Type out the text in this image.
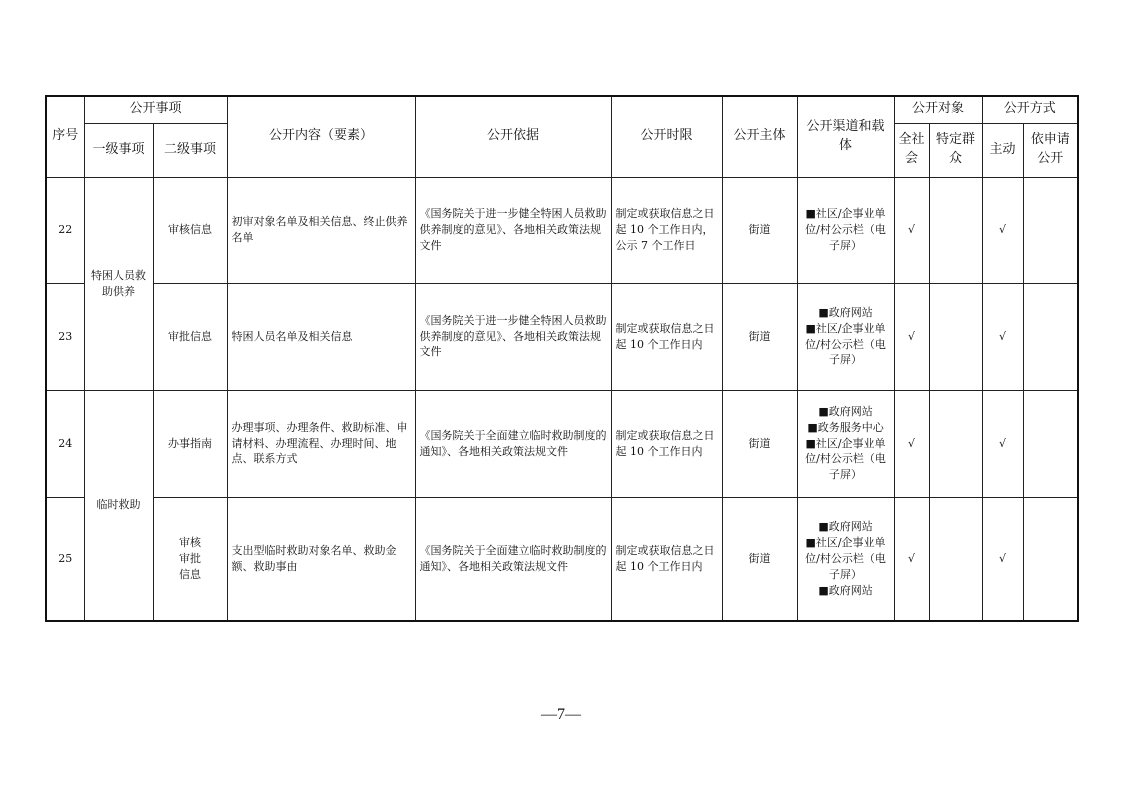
序号	公开事项		公开内容（要素）	公开依据	公开时限	公开主体	公开渠道和载体	公开对象		公开方式	
	一级事项	二级事项						全社会	特定群众	主动	依申请公开
22	特困人员救助供养	审核信息	初审对象名单及相关信息、终止供养名单	《国务院关于进一步健全特困人员救助供养制度的意见》、各地相关政策法规文件	制定或获取信息之日起 10 个工作日内，公示 7 个工作日	街道	■社区/企事业单位/村公示栏（电子屏）	√		√	
23		审批信息	特困人员名单及相关信息	《国务院关于进一步健全特困人员救助供养制度的意见》、各地相关政策法规文件	制定或获取信息之日起 10 个工作日内	街道	■政府网站
■社区/企事业单位/村公示栏（电子屏）	√		√	
24	临时救助	办事指南	办理事项、办理条件、救助标准、申请材料、办理流程、办理时间、地点、联系方式	《国务院关于全面建立临时救助制度的通知》、各地相关政策法规文件	制定或获取信息之日起 10 个工作日内	街道	■政府网站
■政务服务中心
■社区/企事业单位/村公示栏（电子屏）	√		√	
25		审核审批信息	支出型临时救助对象名单、救助金额、救助事由	《国务院关于全面建立临时救助制度的通知》、各地相关政策法规文件	制定或获取信息之日起 10 个工作日内	街道	■政府网站
■社区/企事业单位/村公示栏（电子屏）
■政府网站	√		√	
—7—
